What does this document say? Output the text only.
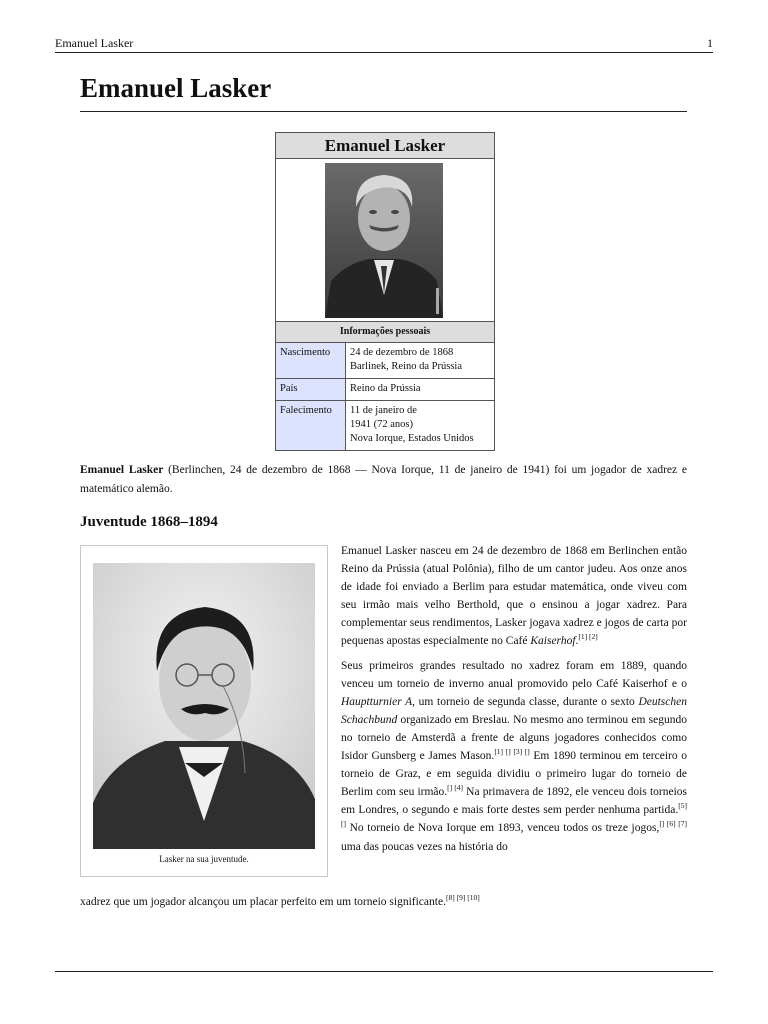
Emanuel Lasker	1
Emanuel Lasker
Emanuel Lasker
Informações pessoais
Nascimento	24 de dezembro de 1868
Barlinek, Reino da Prússia
País	Reino da Prússia
Falecimento	11 de janeiro de
1941 (72 anos)
Nova Iorque, Estados Unidos

Emanuel Lasker (Berlinchen, 24 de dezembro de 1868 — Nova Iorque, 11 de janeiro de 1941) foi um jogador de xadrez e matemático alemão.

Juventude 1868–1894
Lasker na sua juventude.

Emanuel Lasker nasceu em 24 de dezembro de 1868 em Berlinchen então Reino da Prússia (atual Polônia), filho de um cantor judeu. Aos onze anos de idade foi enviado a Berlim para estudar matemática, onde viveu com seu irmão mais velho Berthold, que o ensinou a jogar xadrez. Para complementar seus rendimentos, Lasker jogava xadrez e jogos de carta por pequenas apostas especialmente no Café Kaiserhof.[1] [2]

Seus primeiros grandes resultado no xadrez foram em 1889, quando venceu um torneio de inverno anual promovido pelo Café Kaiserhof e o Hauptturnier A, um torneio de segunda classe, durante o sexto Deutschen Schachbund organizado em Breslau. No mesmo ano terminou em segundo no torneio de Amsterdã a frente de alguns jogadores conhecidos como Isidor Gunsberg e James Mason.[1] [] [3] [] Em 1890 terminou em terceiro o torneio de Graz, e em seguida dividiu o primeiro lugar do torneio de Berlim com seu irmão.[] [4] Na primavera de 1892, ele venceu dois torneios em Londres, o segundo e mais forte destes sem perder nenhuma partida.[5] [] No torneio de Nova Iorque em 1893, venceu todos os treze jogos,[] [6] [7] uma das poucas vezes na história do

xadrez que um jogador alcançou um placar perfeito em um torneio significante.[8] [9] [10]
